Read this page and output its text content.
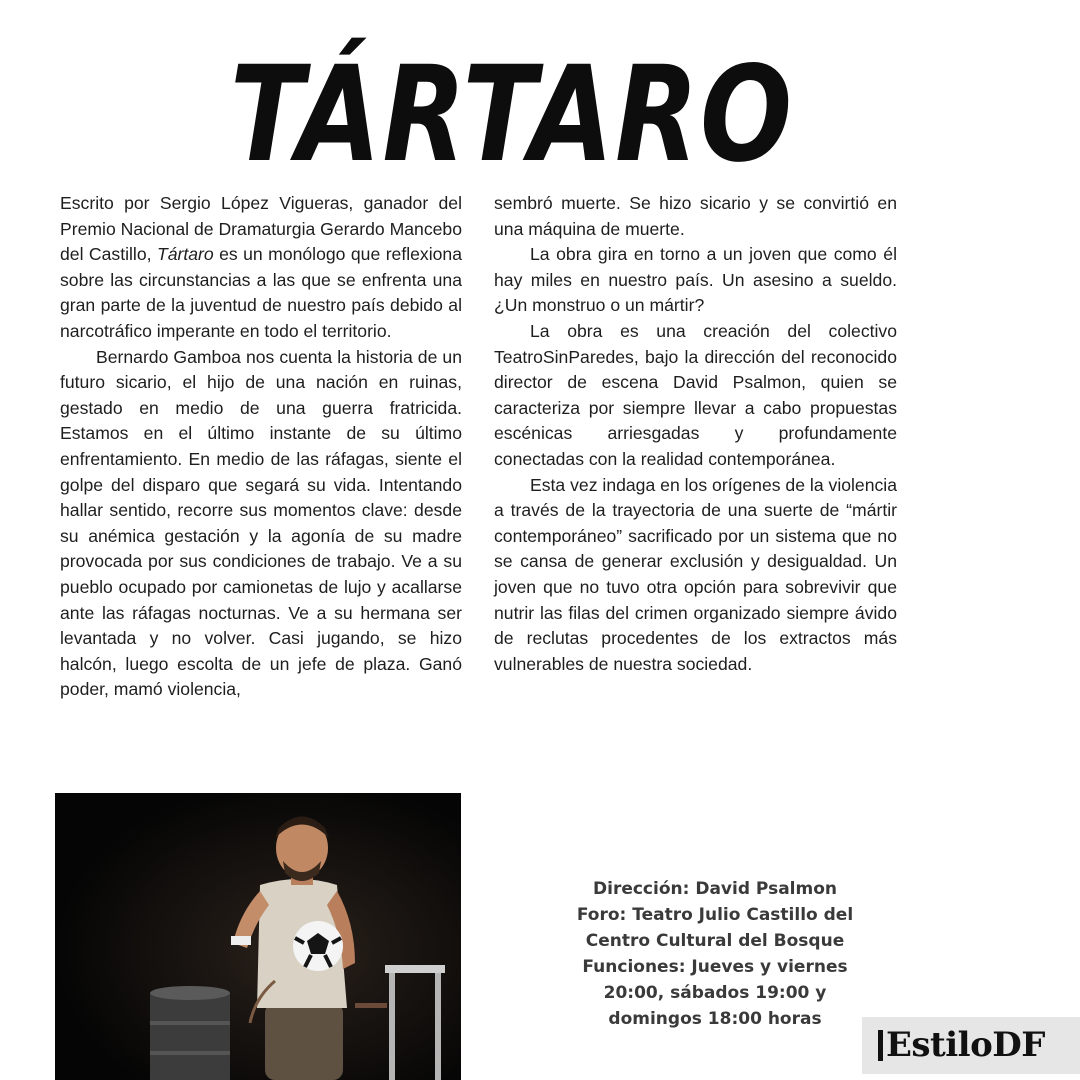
TÁRTARO

Escrito por Sergio López Vigueras, ganador del Premio Nacional de Dramaturgia Gerardo Mancebo del Castillo, Tártaro es un monólogo que reflexiona sobre las circunstancias a las que se enfrenta una gran parte de la juventud de nuestro país debido al narcotráfico imperante en todo el territorio.

Bernardo Gamboa nos cuenta la historia de un futuro sicario, el hijo de una nación en ruinas, gestado en medio de una guerra fratricida. Estamos en el último instante de su último enfrentamiento. En medio de las ráfagas, siente el golpe del disparo que segará su vida. Intentando hallar sentido, recorre sus momentos clave: desde su anémica gestación y la agonía de su madre provocada por sus condiciones de trabajo. Ve a su pueblo ocupado por camionetas de lujo y acallarse ante las ráfagas nocturnas. Ve a su hermana ser levantada y no volver. Casi jugando, se hizo halcón, luego escolta de un jefe de plaza. Ganó poder, mamó violencia,

sembró muerte. Se hizo sicario y se convirtió en una máquina de muerte.

La obra gira en torno a un joven que como él hay miles en nuestro país. Un asesino a sueldo. ¿Un monstruo o un mártir?

La obra es una creación del colectivo TeatroSinParedes, bajo la dirección del reconocido director de escena David Psalmon, quien se caracteriza por siempre llevar a cabo propuestas escénicas arriesgadas y profundamente conectadas con la realidad contemporánea.

Esta vez indaga en los orígenes de la violencia a través de la trayectoria de una suerte de “mártir contemporáneo” sacrificado por un sistema que no se cansa de generar exclusión y desigualdad. Un joven que no tuvo otra opción para sobrevivir que nutrir las filas del crimen organizado siempre ávido de reclutas procedentes de los extractos más vulnerables de nuestra sociedad.

Dirección: David Psalmon
Foro: Teatro Julio Castillo del
Centro Cultural del Bosque
Funciones: Jueves y viernes
20:00, sábados 19:00 y
domingos 18:00 horas
EstiloDF
